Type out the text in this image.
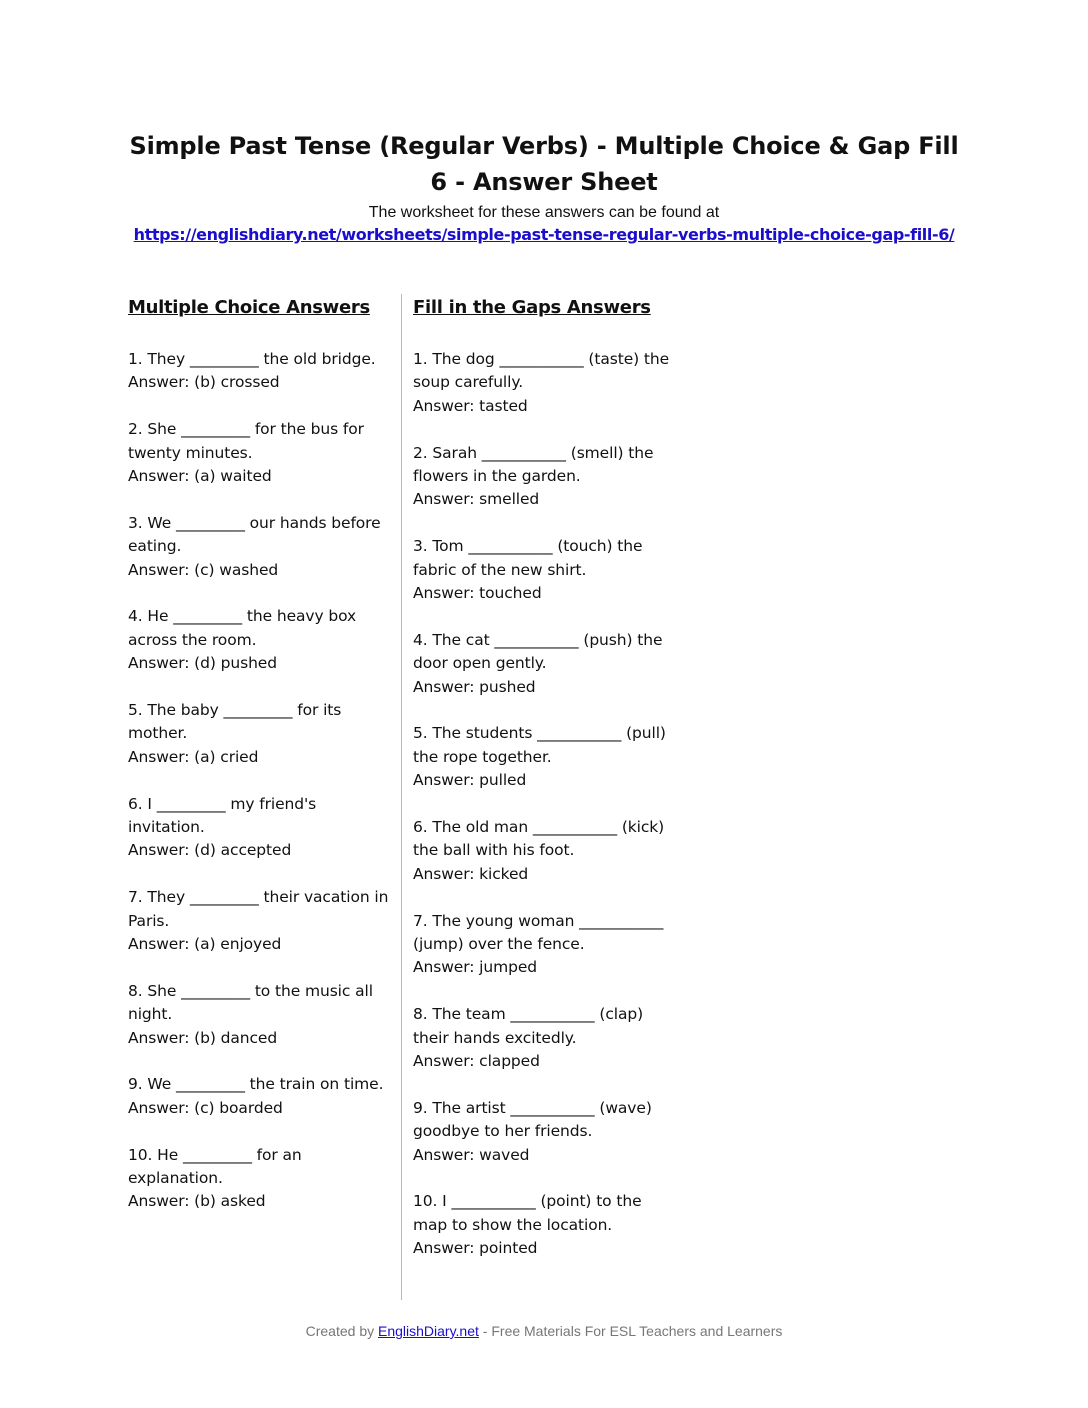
Simple Past Tense (Regular Verbs) - Multiple Choice & Gap Fill 6 - Answer Sheet
The worksheet for these answers can be found at
https://englishdiary.net/worksheets/simple-past-tense-regular-verbs-multiple-choice-gap-fill-6/
Multiple Choice Answers
1. They _________ the old bridge.
Answer: (b) crossed
2. She _________ for the bus for twenty minutes.
Answer: (a) waited
3. We _________ our hands before eating.
Answer: (c) washed
4. He _________ the heavy box across the room.
Answer: (d) pushed
5. The baby _________ for its mother.
Answer: (a) cried
6. I _________ my friend's invitation.
Answer: (d) accepted
7. They _________ their vacation in Paris.
Answer: (a) enjoyed
8. She _________ to the music all night.
Answer: (b) danced
9. We _________ the train on time.
Answer: (c) boarded
10. He _________ for an explanation.
Answer: (b) asked
Fill in the Gaps Answers
1. The dog ___________ (taste) the soup carefully.
Answer: tasted
2. Sarah ___________ (smell) the flowers in the garden.
Answer: smelled
3. Tom ___________ (touch) the fabric of the new shirt.
Answer: touched
4. The cat ___________ (push) the door open gently.
Answer: pushed
5. The students ___________ (pull) the rope together.
Answer: pulled
6. The old man ___________ (kick) the ball with his foot.
Answer: kicked
7. The young woman ___________ (jump) over the fence.
Answer: jumped
8. The team ___________ (clap) their hands excitedly.
Answer: clapped
9. The artist ___________ (wave) goodbye to her friends.
Answer: waved
10. I ___________ (point) to the map to show the location.
Answer: pointed
Created by EnglishDiary.net - Free Materials For ESL Teachers and Learners
